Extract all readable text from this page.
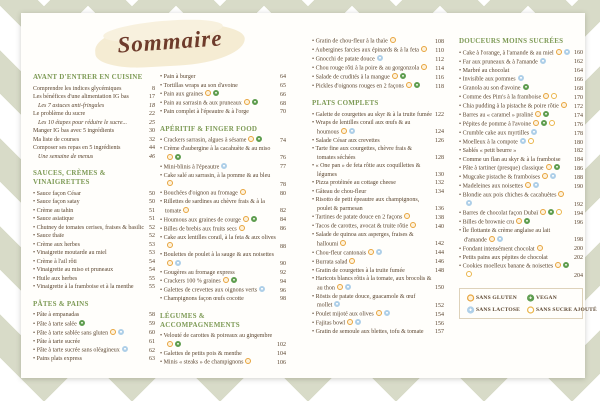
Sommaire
AVANT D'ENTRER EN CUISINE
Comprendre les indices glycémiques	8
Les bénéfices d'une alimentation IG bas	17
Les 7 astuces anti-fringales	18
Le problème du sucre	22
Les 10 étapes pour réduire le sucre...	25
Manger IG bas avec 5 ingrédients	30
Ma liste de courses	32
Composer ses repas en 5 ingrédients	44
Une semaine de menus	46
SAUCES, CRÈMES & VINAIGRETTES
• Sauce façon César	50
• Sauce façon satay	50
• Crème au tahin	51
• Sauce asiatique	51
• Chutney de tomates cerises, fraises & basilic 52
• Sauce thaïe	52
• Crème aux herbes	53
• Vinaigrette moutarde au miel	53
• Crème à l'ail rôti	54
• Vinaigrette au miso et pruneaux	54
• Huile aux herbes	55
• Vinaigrette à la framboise et à la menthe	55
PÂTES & PAINS
• Pâte à empanadas	58
• Pâte à tarte salée	59
• Pâte à tarte sablée sans gluten	60
• Pâte à tarte sucrée	61
• Pâte à tarte sucrée sans oléagineux	62
• Pains plats express	63
• Pain à burger	64
• Tortillas wraps au son d'avoine	65
• Pain aux graines	66
• Pain au sarrasin & aux pruneaux	68
• Pain complet à l'épeautre & à l'orge	70
APÉRITIF & FINGER FOOD
• Crackers sarrasin, algues à sésame	74
• Crème d'aubergine à la cacahuète & au miso
76
• Mini-blinis à l'épeautre	77
• Cake salé au sarrasin, à la pomme & au bleu
78
• Bouchées d'oignon au fromage	80
• Rillettes de sardines au chèvre frais & à la tomate	82
• Houmous aux graines de courge	84
• Billes de brebis aux fruits secs	86
• Cake aux lentilles corail, à la feta & aux olives
88
• Boulettes de poulet à la sauge & aux noisettes
90
• Gougères au fromage express	92
• Crackers 100 % graines	94
• Galettes de crevettes aux oignons verts	96
• Champignons façon œufs cocotte	98
LÉGUMES & ACCOMPAGNEMENTS
• Velouté de carottes & poireaux au gingembre
102
• Galettes de petits pois & menthe	104
• Minis « steaks » de champignons	106
• Gratin de chou-fleur à la thaïe	108
• Aubergines farcies aux épinards & à la feta	110
• Gnocchi de patate douce	112
• Chou rouge rôti à la poire & au gorgonzola	114
• Salade de crudités à la mangue	116
• Pickles d'oignons rouges en 2 façons	118
PLATS COMPLETS
• Galette de courgettes au skyr & à la truite fumée 122
• Wraps de lentilles corail aux œufs & au houmous	124
• Salade César aux crevettes	126
• Tarte fine aux courgettes, chèvre frais & tomates séchées	128
• « One pan » de feta rôtie aux coquillettes & légumes	130
• Pizza protéinée au cottage cheese	132
• Gâteau de chou-fleur	134
• Risotto de petit épeautre aux champignons, poulet & parmesan	136
• Tartines de patate douce en 2 façons	138
• Tacos de carottes, avocat & truite rôtie	140
• Salade de quinoa aux asperges, fraises & halloumi	142
• Chou-fleur cantonais	144
• Burrata salad	146
• Gratin de courgettes à la truite fumée	148
• Haricots blancs rôtis à la tomate, aux brocolis & au thon	150
• Röstis de patate douce, guacamole & œuf mollet	152
• Poulet mijoté aux olives	154
• Fajitas bowl	156
• Gratin de semoule aux blettes, tofu & tomate	157
DOUCEURS MOINS SUCRÉES
• Cake à l'orange, à l'amande & au miel	160
• Far aux pruneaux & à l'amande	162
• Marbré au chocolat	164
• Invisible aux pommes	166
• Granola au son d'avoine	168
• Comme des Pim's à la framboise	170
• Chia pudding à la pistache & poire rôtie	172
• Barres au « caramel » praliné	174
• Pépites de pomme à l'avoine	176
• Crumble cake aux myrtilles	178
• Moelleux à la compote	180
• Sablés « petit beurre »	182
• Comme un flan au skyr & à la framboise	184
• Pâte à tartiner (presque) classique	186
• Mugcake pistache & framboises	188
• Madeleines aux noisettes	190
• Blondie aux pois chiches & cacahuètes
192
• Barres de chocolat façon Dubaï	194
• Billes de brownie cru	196
• Île flottante & crème anglaise au lait d'amande	198
• Fondant intensément chocolat	200
• Petits pains aux pépites de chocolat	202
• Cookies moelleux banane & noisettes
204
SANS GLUTEN	VEGAN
SANS LACTOSE	SANS SUCRE AJOUTÉ
